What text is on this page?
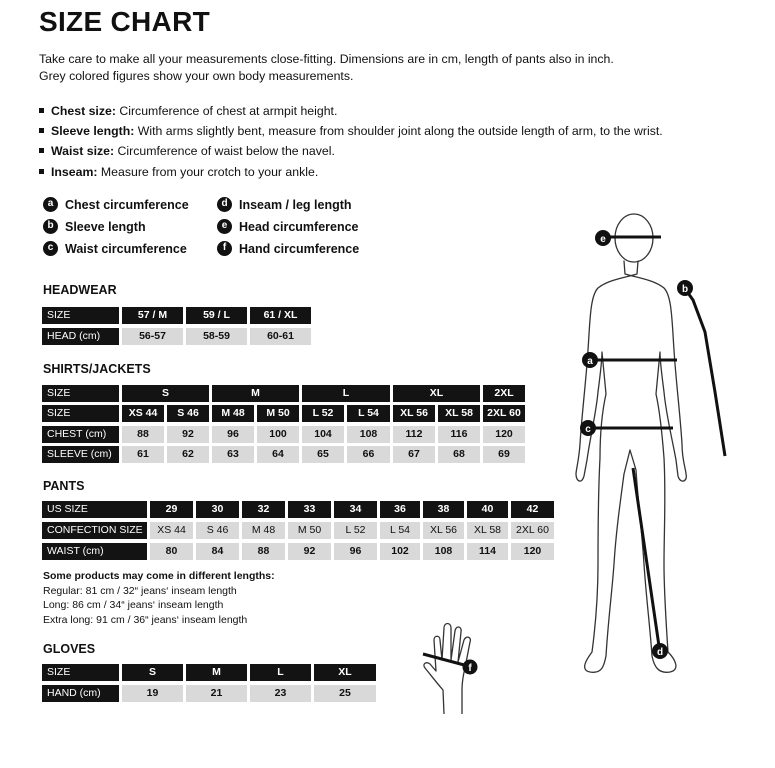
SIZE CHART
Take care to make all your measurements close-fitting. Dimensions are in cm, length of pants also in inch.
Grey colored figures show your own body measurements.
Chest size: Circumference of chest at armpit height.
Sleeve length: With arms slightly bent, measure from shoulder joint along the outside length of arm, to the wrist.
Waist size: Circumference of waist below the navel.
Inseam: Measure from your crotch to your ankle.
a Chest circumference
b Sleeve length
c Waist circumference
d Inseam / leg length
e Head circumference
f	Hand circumference
HEADWEAR
SIZE	57 / M	59 / L	61 / XL
HEAD (cm)	56-57	58-59	60-61
SHIRTS/JACKETS
SIZE	S	M	L	XL	2XL
SIZE	XS 44	S 46	M 48	M 50	L 52	L 54	XL 56	XL 58	2XL 60
CHEST (cm)	88	92	96	100	104	108	112	116	120
SLEEVE (cm)	61	62	63	64	65	66	67	68	69
PANTS
US SIZE	29	30	32	33	34	36	38	40	42
CONFECTION SIZE	XS 44	S 46	M 48	M 50	L 52	L 54	XL 56	XL 58	2XL 60
WAIST (cm)	80	84	88	92	96	102	108	114	120
Some products may come in different lengths:
Regular: 81 cm / 32“ jeans‘ inseam length
Long: 86 cm / 34“ jeans‘ inseam length
Extra long: 91 cm / 36“ jeans‘ inseam length
GLOVES
SIZE	S	M	L	XL
HAND (cm)	19	21	23	25
f
e
b
a
c
d
